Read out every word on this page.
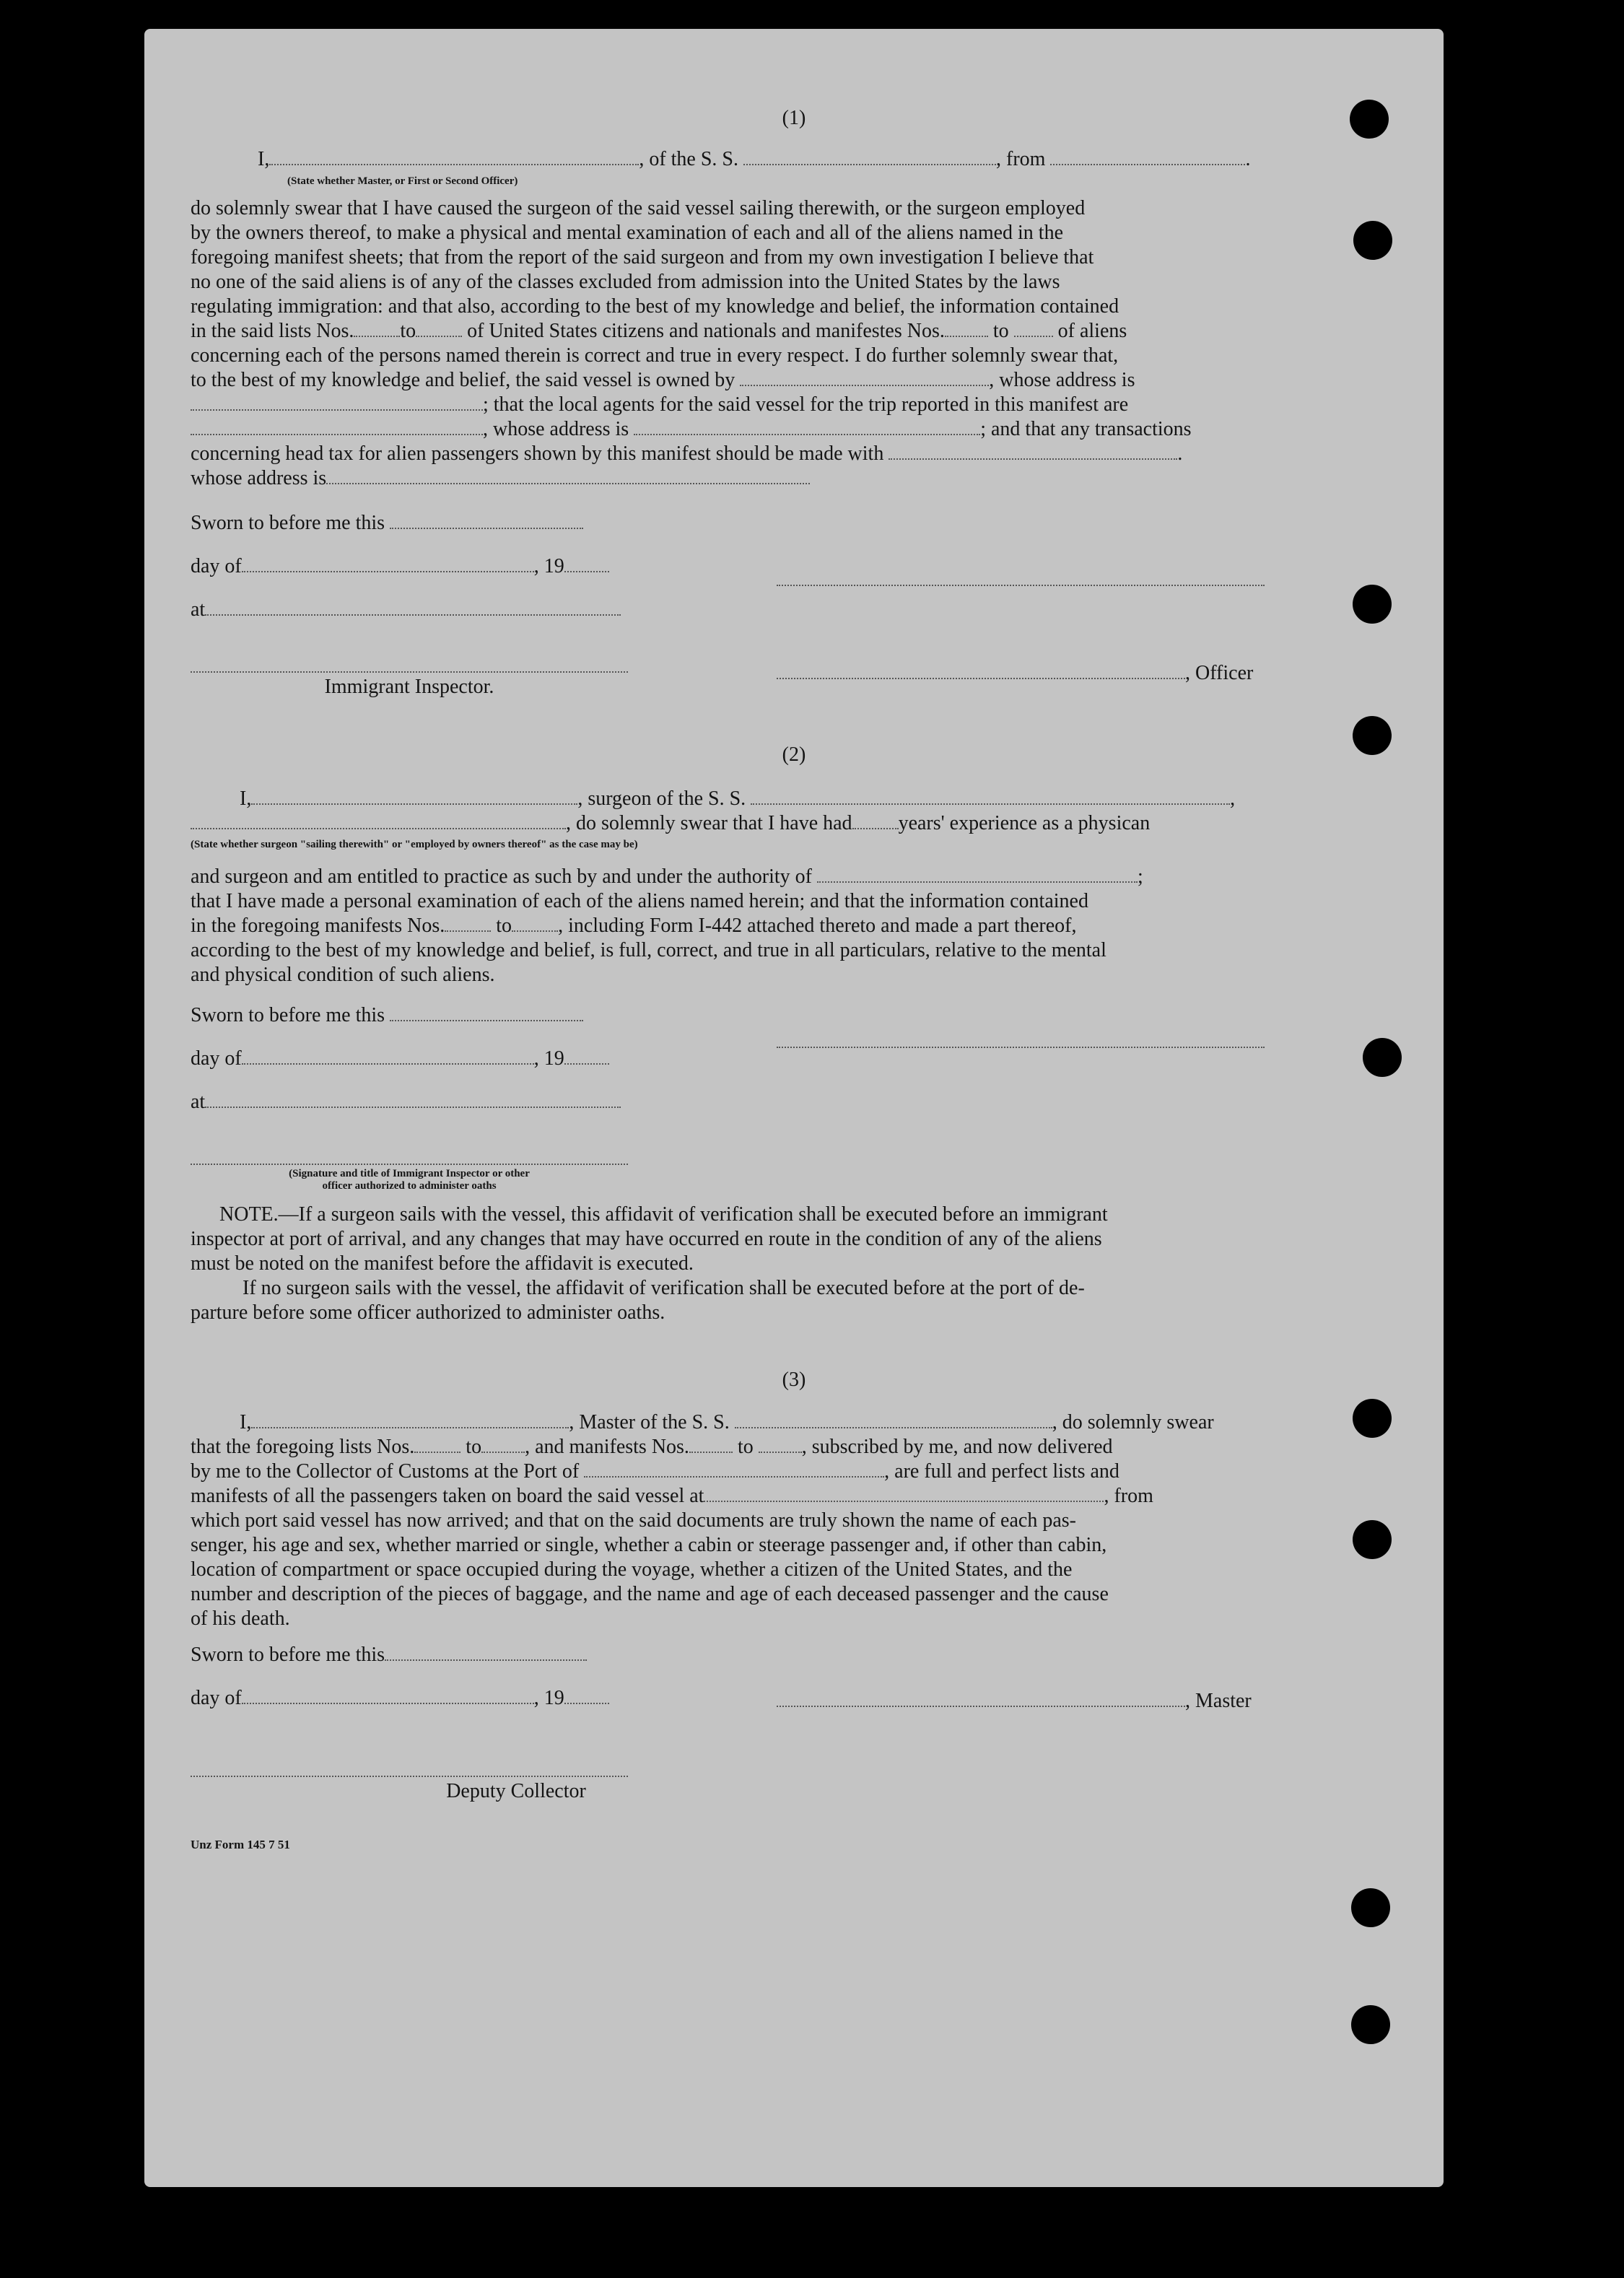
(1)
I,	, of the S. S.	, from	.
(State whether Master, or First or Second Officer)
do solemnly swear that I have caused the surgeon of the said vessel sailing therewith, or the surgeon employed
by the owners thereof, to make a physical and mental examination of each and all of the aliens named in the
foregoing manifest sheets; that from the report of the said surgeon and from my own investigation I believe that
no one of the said aliens is of any of the classes excluded from admission into the United States by the laws
regulating immigration: and that also, according to the best of my knowledge and belief, the information contained
in the said lists Nos. to	of United States citizens and nationals and manifestes Nos. to of aliens
concerning each of the persons named therein is correct and true in every respect. I do further solemnly swear that,
to the best of my knowledge and belief, the said vessel is owned by	, whose address is
; that the local agents for the said vessel for the trip reported in this manifest are
, whose address is	; and that any transactions
concerning head tax for alien passengers shown by this manifest should be made with	.
whose address is
Sworn to before me this
day of	, 19
at
, Officer
Immigrant Inspector.
(2)
I,	, surgeon of the S. S.	,
, do solemnly swear that I have had years' experience as a physican
(State whether surgeon "sailing therewith" or "employed by owners thereof" as the case may be)
and surgeon and am entitled to practice as such by and under the authority of	;
that I have made a personal examination of each of the aliens named herein; and that the information contained
in the foregoing manifests Nos.	to , including Form I-442 attached thereto and made a part thereof,
according to the best of my knowledge and belief, is full, correct, and true in all particulars, relative to the mental
and physical condition of such aliens.
Sworn to before me this
day of	, 19
at
(Signature and title of Immigrant Inspector or other
officer authorized to administer oaths
NOTE.—If a surgeon sails with the vessel, this affidavit of verification shall be executed before an immigrant
inspector at port of arrival, and any changes that may have occurred en route in the condition of any of the aliens
must be noted on the manifest before the affidavit is executed.
If no surgeon sails with the vessel, the affidavit of verification shall be executed before at the port of de-
parture before some officer authorized to administer oaths.
(3)
I,	, Master of the S. S.	, do solemnly swear
that the foregoing lists Nos.	to , and manifests Nos. to , subscribed by me, and now delivered
by me to the Collector of Customs at the Port of	, are full and perfect lists and
manifests of all the passengers taken on board the said vessel at	, from
which port said vessel has now arrived; and that on the said documents are truly shown the name of each pas-
senger, his age and sex, whether married or single, whether a cabin or steerage passenger and, if other than cabin,
location of compartment or space occupied during the voyage, whether a citizen of the United States, and the
number and description of the pieces of baggage, and the name and age of each deceased passenger and the cause
of his death.
Sworn to before me this
day of	, 19	, Master
Deputy Collector
Unz Form 145 7 51
